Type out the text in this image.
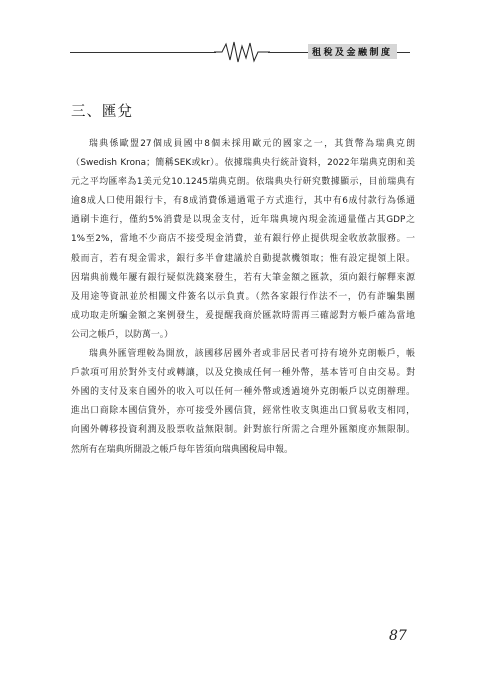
租稅及金融制度
三、匯兌
瑞典係歐盟27個成員國中8個未採用歐元的國家之一，其貨幣為瑞典克朗
（Swedish Krona；簡稱SEK或kr）。依據瑞典央行統計資料，2022年瑞典克朗和美
元之平均匯率為1美元兌10.1245瑞典克朗。依瑞典央行研究數據顯示，目前瑞典有
逾8成人口使用銀行卡，有8成消費係通過電子方式進行，其中有6成付款行為係通
過刷卡進行，僅約5%消費是以現金支付，近年瑞典境內現金流通量僅占其GDP之
1%至2%，當地不少商店不接受現金消費，並有銀行停止提供現金收放款服務。一
般而言，若有現金需求，銀行多半會建議於自動提款機領取；惟有設定提領上限。
因瑞典前幾年屢有銀行疑似洗錢案發生，若有大筆金額之匯款，須向銀行解釋來源
及用途等資訊並於相關文件簽名以示負責。（然各家銀行作法不一，仍有詐騙集團
成功取走所騙金額之案例發生，爰提醒我商於匯款時需再三確認對方帳戶確為當地
公司之帳戶，以防萬一。）
瑞典外匯管理較為開放，該國移居國外者或非居民者可持有境外克朗帳戶，帳
戶款項可用於對外支付或轉讓，以及兌換成任何一種外幣，基本皆可自由交易。對
外國的支付及來自國外的收入可以任何一種外幣或透過境外克朗帳戶以克朗辦理。
進出口商除本國信貸外，亦可接受外國信貸，經常性收支與進出口貿易收支相同，
向國外轉移投資利潤及股票收益無限制。針對旅行所需之合理外匯額度亦無限制。
然所有在瑞典所開設之帳戶每年皆須向瑞典國稅局申報。
87
